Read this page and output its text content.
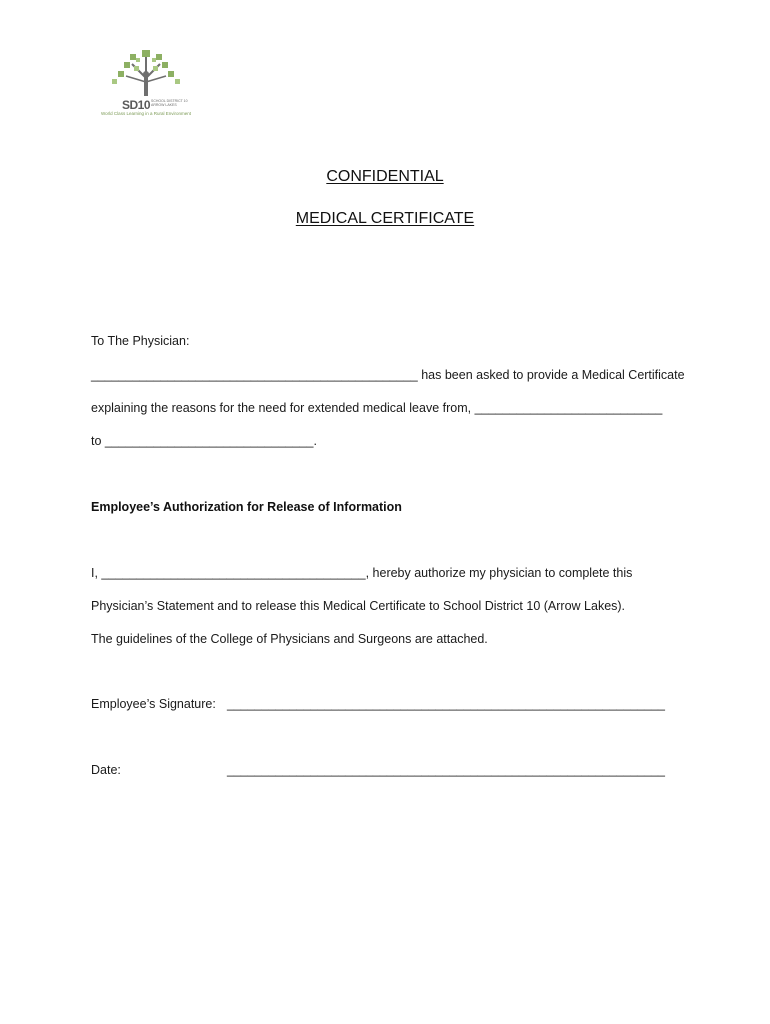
SD10 SCHOOL DISTRICT 10 ARROW LAKES
World Class Learning in a Rural Environment
CONFIDENTIAL
MEDICAL CERTIFICATE
To The Physician:
_______________________________________________ has been asked to provide a Medical Certificate
explaining the reasons for the need for extended medical leave from, ___________________________
to ______________________________.
Employee’s Authorization for Release of Information
I, ______________________________________, hereby authorize my physician to complete this
Physician’s Statement and to release this Medical Certificate to School District 10 (Arrow Lakes).
The guidelines of the College of Physicians and Surgeons are attached.
Employee’s Signature: _______________________________________________________________
Date:	_______________________________________________________________
